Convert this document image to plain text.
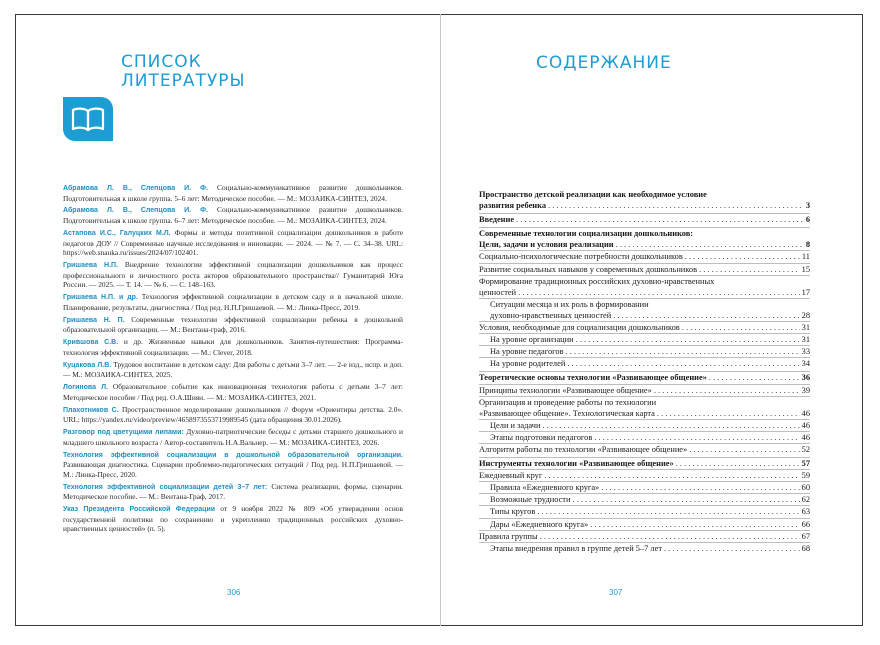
СПИСОК
ЛИТЕРАТУРЫ
Абрамова Л. В., Слепцова И. Ф. Социально-коммуникативное развитие дошкольников. Подготовительная к школе группа. 5–6 лет: Методическое пособие. — М.: МОЗАИКА-СИНТЕЗ, 2024.
Абрамова Л. В., Слепцова И. Ф. Социально-коммуникативное развитие дошкольников. Подготовительная к школе группа. 6–7 лет: Методическое пособие. — М.: МОЗАИКА-СИНТЕЗ, 2024.
Астапова И.С., Галуцких М.Л. Формы и методы позитивной социализации дошкольников в работе педагогов ДОУ // Современные научные исследования и инновации. — 2024. — № 7. — С. 34–38. URL: https://web.snauka.ru/issues/2024/07/102401.
Гришаева Н.П. Внедрение технологии эффективной социализации дошкольников как процесс профессионального и личностного роста акторов образовательного пространства// Гуманитарий Юга России. — 2025. — Т. 14. — № 6. — С. 148–163.
Гришаева Н.П. и др. Технология эффективной социализации в детском саду и в начальной школе. Планирование, результаты, диагностика / Под ред. Н.П.Гришаевой. — М.: Линка-Пресс, 2019.
Гришаева Н. П. Современные технологии эффективной социализации ребенка в дошкольной образовательной организации. — М.: Вентана-граф, 2016.
Крившова С.В. и др. Жизненные навыки для дошкольников. Занятия-путешествия: Программа-технология эффективной социализации. — М.: Clever, 2018.
Куцакова Л.В. Трудовое воспитание в детском саду: Для работы с детьми 3–7 лет. — 2-е изд., испр. и доп. — М.: МОЗАИКА-СИНТЕЗ, 2025.
Логинова Л. Образовательное событие как инновационная технология работы с детьми 3–7 лет: Методическое пособие / Под ред. О.А.Шиян. — М.: МОЗАИКА-СИНТЕЗ, 2021.
Плахотников С. Пространственное моделирование дошкольников // Форум «Ориентиры детства. 2.0». URL: https://yandex.ru/video/preview/4658973553719989545 (дата обращения 30.01.2026).
Разговор под цветущими липами: Духовно-патриотические беседы с детьми старшего дошкольного и младшего школьного возраста / Автор-составитель Н.А.Вальнер. — М.: МОЗАИКА-СИНТЕЗ, 2026.
Технология эффективной социализации в дошкольной образовательной организации. Развивающая диагностика. Сценарии проблемно-педагогических ситуаций / Под ред. Н.П.Гришаевой. — М.: Линка-Пресс, 2020.
Технология эффективной социализации детей 3–7 лет: Система реализации, формы, сценарии. Методическое пособие. — М.: Вентана-Граф, 2017.
Указ Президента Российской Федерации от 9 ноября 2022 № 809 «Об утверждении основ государственной политики по сохранению и укреплению традиционных российских духовно-нравственных ценностей» (п. 5).
СОДЕРЖАНИЕ
Пространство детской реализации как необходимое условие
развития ребенка . . .	3
Введение . . .	6
Современные технологии социализации дошкольников:
Цели, задачи и условия реализации . . .	8
Социально-психологические потребности дошкольников . . .	11
Развитие социальных навыков у современных дошкольников . . .	15
Формирование традиционных российских духовно-нравственных
ценностей . . .	17
Ситуации месяца и их роль в формировании
духовно-нравственных ценностей . . .	28
Условия, необходимые для социализации дошкольников . . .	31
На уровне организации . . .	31
На уровне педагогов . . .	33
На уровне родителей . . .	34
Теоретические основы технологии «Развивающее общение» . . .	36
Принципы технологии «Развивающее общение» . . .	39
Организация и проведение работы по технологии
«Развивающее общение». Технологическая карта . . .	46
Цели и задачи . . .	46
Этапы подготовки педагогов . . .	46
Алгоритм работы по технологии «Развивающее общение» . . .	52
Инструменты технологии «Развивающее общение» . . .	57
Ежедневный круг . . .	59
Правила «Ежедневного круга» . . .	60
Возможные трудности . . .	62
Типы кругов . . .	63
Дары «Ежедневного круга» . . .	66
Правила группы . . .	67
Этапы внедрения правил в группе детей 5–7 лет . . .	68
306	307
